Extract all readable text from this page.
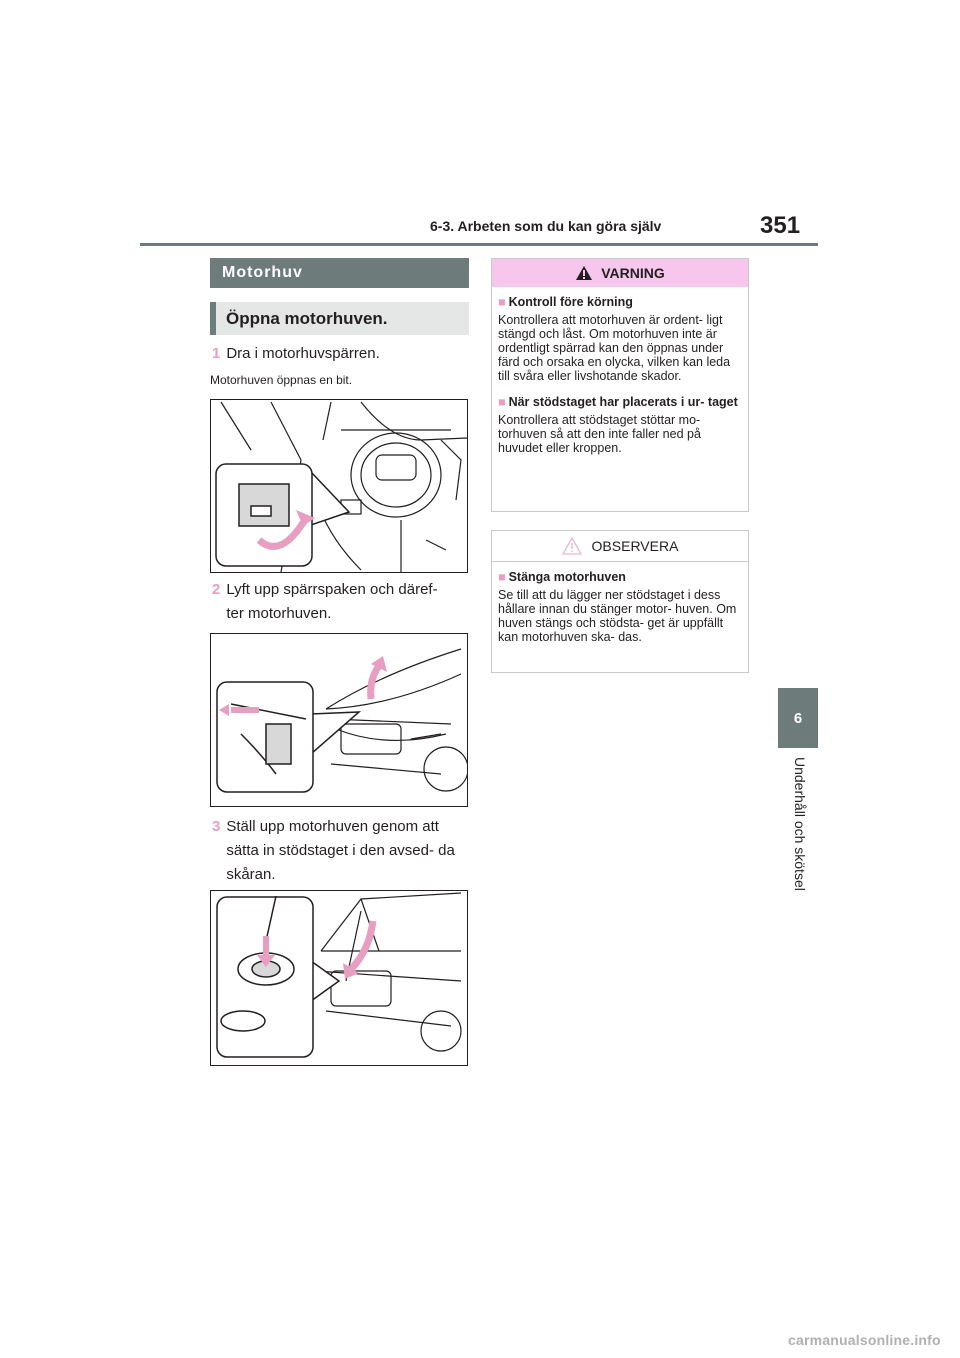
6-3. Arbeten som du kan göra själv	351
6
Underhåll och skötsel
Motorhuv
Öppna motorhuven.
1 Dra i motorhuvspärren.
Motorhuven öppnas en bit.
2 Lyft upp spärrspaken och däref- ter motorhuven.
3 Ställ upp motorhuven genom att sätta in stödstaget i den avsed- da skåran.
VARNING
■ Kontroll före körning

Kontrollera att motorhuven är ordent- ligt stängd och låst. Om motorhuven inte är ordentligt spärrad kan den öppnas under färd och orsaka en olycka, vilken kan leda till svåra eller livshotande skador.

■ När stödstaget har placerats i ur- taget

Kontrollera att stödstaget stöttar mo- torhuven så att den inte faller ned på huvudet eller kroppen.

OBSERVERA
■ Stänga motorhuven

Se till att du lägger ner stödstaget i dess hållare innan du stänger motor- huven. Om huven stängs och stödsta- get är uppfällt kan motorhuven ska- das.

carmanualsonline.info
